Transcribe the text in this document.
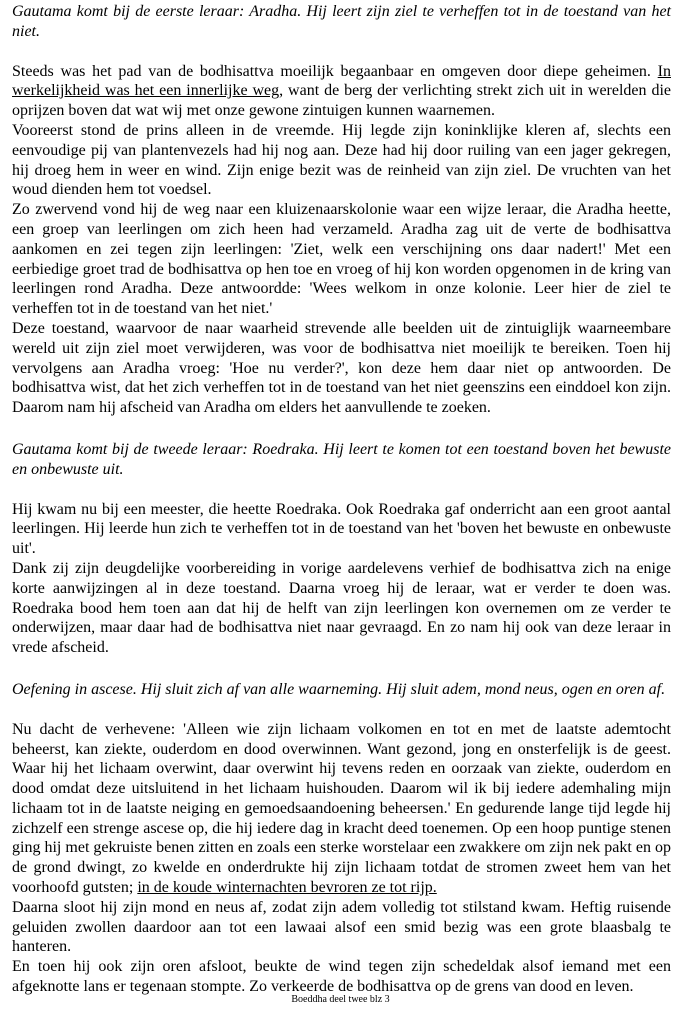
Gautama komt bij de eerste leraar: Aradha. Hij leert zijn ziel te verheffen tot in de toestand van het niet.

Steeds was het pad van de bodhisattva moeilijk begaanbaar en omgeven door diepe geheimen. In werkelijkheid was het een innerlijke weg, want de berg der verlichting strekt zich uit in werelden die oprijzen boven dat wat wij met onze gewone zintuigen kunnen waarnemen.

Vooreerst stond de prins alleen in de vreemde. Hij legde zijn koninklijke kleren af, slechts een eenvoudige pij van plantenvezels had hij nog aan. Deze had hij door ruiling van een jager gekregen, hij droeg hem in weer en wind. Zijn enige bezit was de reinheid van zijn ziel. De vruchten van het woud dienden hem tot voedsel.

Zo zwervend vond hij de weg naar een kluizenaarskolonie waar een wijze leraar, die Aradha heette, een groep van leerlingen om zich heen had verzameld. Aradha zag uit de verte de bodhisattva aankomen en zei tegen zijn leerlingen: 'Ziet, welk een verschijning ons daar nadert!' Met een eerbiedige groet trad de bodhisattva op hen toe en vroeg of hij kon worden opgenomen in de kring van leerlingen rond Aradha. Deze antwoordde: 'Wees welkom in onze kolonie. Leer hier de ziel te verheffen tot in de toestand van het niet.'

Deze toestand, waarvoor de naar waarheid strevende alle beelden uit de zintuiglijk waarneembare wereld uit zijn ziel moet verwijderen, was voor de bodhisattva niet moeilijk te bereiken. Toen hij vervolgens aan Aradha vroeg: 'Hoe nu verder?', kon deze hem daar niet op antwoorden. De bodhisattva wist, dat het zich verheffen tot in de toestand van het niet geenszins een einddoel kon zijn. Daarom nam hij afscheid van Aradha om elders het aanvullende te zoeken.

Gautama komt bij de tweede leraar: Roedraka. Hij leert te komen tot een toestand boven het bewuste en onbewuste uit.

Hij kwam nu bij een meester, die heette Roedraka. Ook Roedraka gaf onderricht aan een groot aantal leerlingen. Hij leerde hun zich te verheffen tot in de toestand van het 'boven het bewuste en onbewuste uit'.

Dank zij zijn deugdelijke voorbereiding in vorige aardelevens verhief de bodhisattva zich na enige korte aanwijzingen al in deze toestand. Daarna vroeg hij de leraar, wat er verder te doen was. Roedraka bood hem toen aan dat hij de helft van zijn leerlingen kon overnemen om ze verder te onderwijzen, maar daar had de bodhisattva niet naar gevraagd. En zo nam hij ook van deze leraar in vrede afscheid.

Oefening in ascese. Hij sluit zich af van alle waarneming. Hij sluit adem, mond neus, ogen en oren af.

Nu dacht de verhevene: 'Alleen wie zijn lichaam volkomen en tot en met de laatste ademtocht beheerst, kan ziekte, ouderdom en dood overwinnen. Want gezond, jong en onsterfelijk is de geest. Waar hij het lichaam overwint, daar overwint hij tevens reden en oorzaak van ziekte, ouderdom en dood omdat deze uitsluitend in het lichaam huishouden. Daarom wil ik bij iedere ademhaling mijn lichaam tot in de laatste neiging en gemoedsaandoening beheersen.' En gedurende lange tijd legde hij zichzelf een strenge ascese op, die hij iedere dag in kracht deed toenemen. Op een hoop puntige stenen ging hij met gekruiste benen zitten en zoals een sterke worstelaar een zwakkere om zijn nek pakt en op de grond dwingt, zo kwelde en onderdrukte hij zijn lichaam totdat de stromen zweet hem van het voorhoofd gutsten; in de koude winternachten bevroren ze tot rijp.

Daarna sloot hij zijn mond en neus af, zodat zijn adem volledig tot stilstand kwam. Heftig ruisende geluiden zwollen daardoor aan tot een lawaai alsof een smid bezig was een grote blaasbalg te hanteren.

En toen hij ook zijn oren afsloot, beukte de wind tegen zijn schedeldak alsof iemand met een afgeknotte lans er tegenaan stompte. Zo verkeerde de bodhisattva op de grens van dood en leven.

Boeddha deel twee blz 3
